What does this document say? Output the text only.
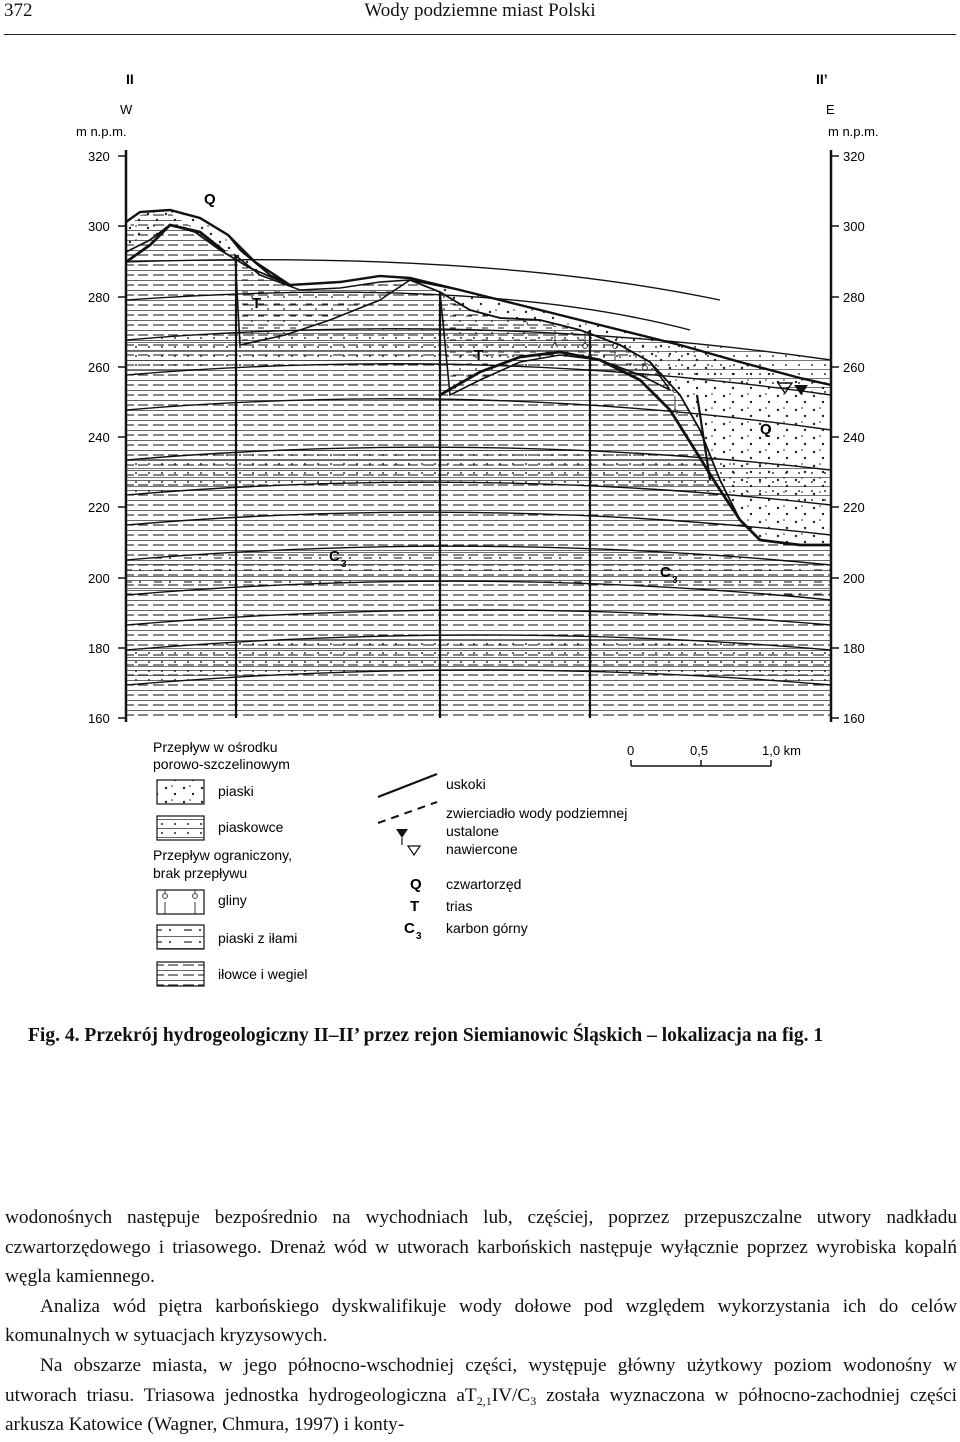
372	Wody podziemne miast Polski
II
W
m n.p.m.
320
300
280
260
240
220
200
180
160
II’
E
m n.p.m.
320
300
280
260
240
220
200
180
160
Q
Q
T
T
C 3	C 3
0	0,5	1,0 km
Przepływ w ośrodku
porowo-szczelinowym
piaski
piaskowce
Przepływ ograniczony,
brak przepływu
gliny
piaski z iłami
iłowce i wegiel
uskoki
zwierciadło wody podziemnej
ustalone
nawiercone
Q
T
C 3
czwartorzęd
trias
karbon górny
Fig. 4. Przekrój hydrogeologiczny II–II’ przez rejon Siemianowic Śląskich – lokalizacja na fig. 1

wodonośnych następuje bezpośrednio na wychodniach lub, częściej, poprzez przepuszczalne utwory nadkładu czwartorzędowego i triasowego. Drenaż wód w utworach karbońskich następuje wyłącznie poprzez wyrobiska kopalń węgla kamiennego.

Analiza wód piętra karbońskiego dyskwalifikuje wody dołowe pod względem wykorzystania ich do celów komunalnych w sytuacjach kryzysowych.

Na obszarze miasta, w jego północno-wschodniej części, występuje główny użytkowy poziom wodonośny w utworach triasu. Triasowa jednostka hydrogeologiczna $aT_{2,1}IV/C_3$ została wyznaczona w północno-zachodniej części arkusza Katowice (Wagner, Chmura, 1997) i konty-
